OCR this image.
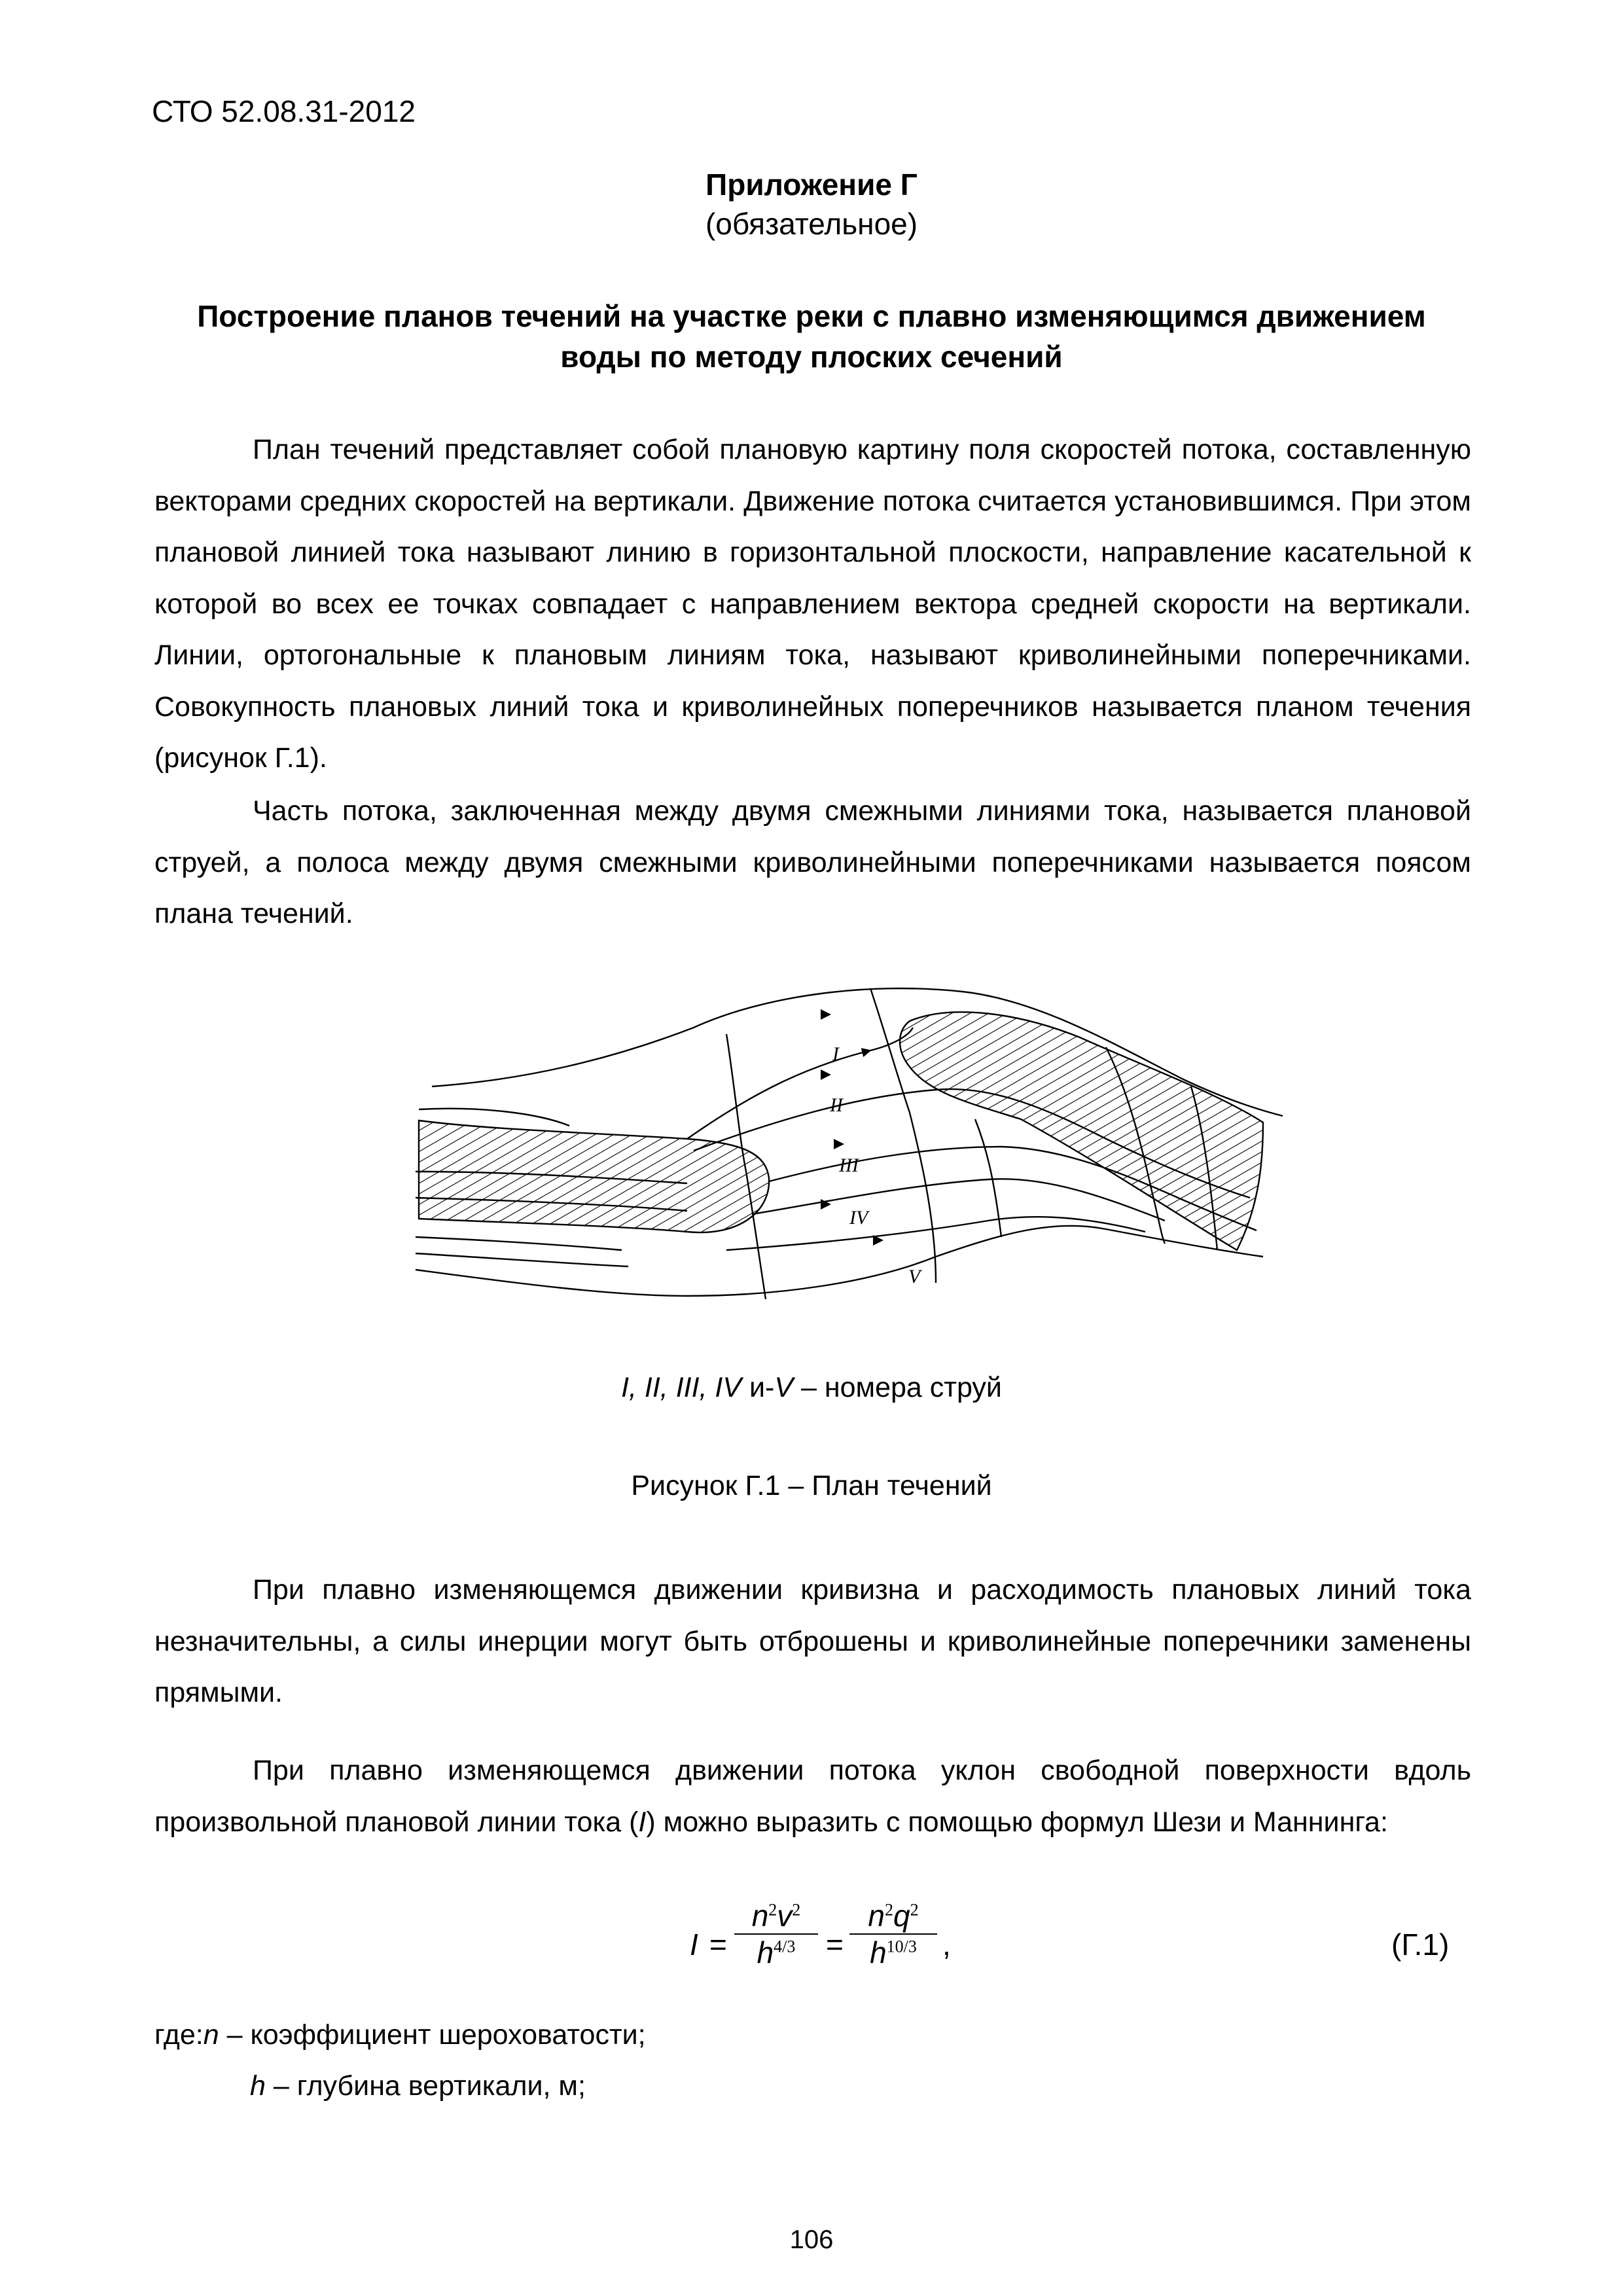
СТО 52.08.31-2012
Приложение Г
(обязательное)
Построение планов течений на участке реки с плавно изменяющимся движением воды по методу плоских сечений

План течений представляет собой плановую картину поля скоростей потока, составленную векторами средних скоростей на вертикали. Движение потока считается установившимся. При этом плановой линией тока называют линию в горизонтальной плоскости, направление касательной к которой во всех ее точках совпадает с направлением вектора средней скорости на вертикали. Линии, ортогональные к плановым линиям тока, называют криволинейными поперечниками. Совокупность плановых линий тока и криволинейных поперечников называется планом течения (рисунок Г.1).

Часть потока, заключенная между двумя смежными линиями тока, называется плановой струей, а полоса между двумя смежными криволинейными поперечниками называется поясом плана течений.

I
II
III
IV
V
I, II, III, IV и-V – номера струй
Рисунок Г.1 – План течений

При плавно изменяющемся движении кривизна и расходимость плановых линий тока незначительны, а силы инерции могут быть отброшены и криволинейные поперечники заменены прямыми.

При плавно изменяющемся движении потока уклон свободной поверхности вдоль произвольной плановой линии тока (I) можно выразить с помощью формул Шези и Маннинга:

$I = \frac{n^2v^2}{h^{4/3}} = \frac{n^2q^2}{h^{10/3}}$ ,	(Г.1)
где:n – коэффициент шероховатости;
h – глубина вертикали, м;
106
